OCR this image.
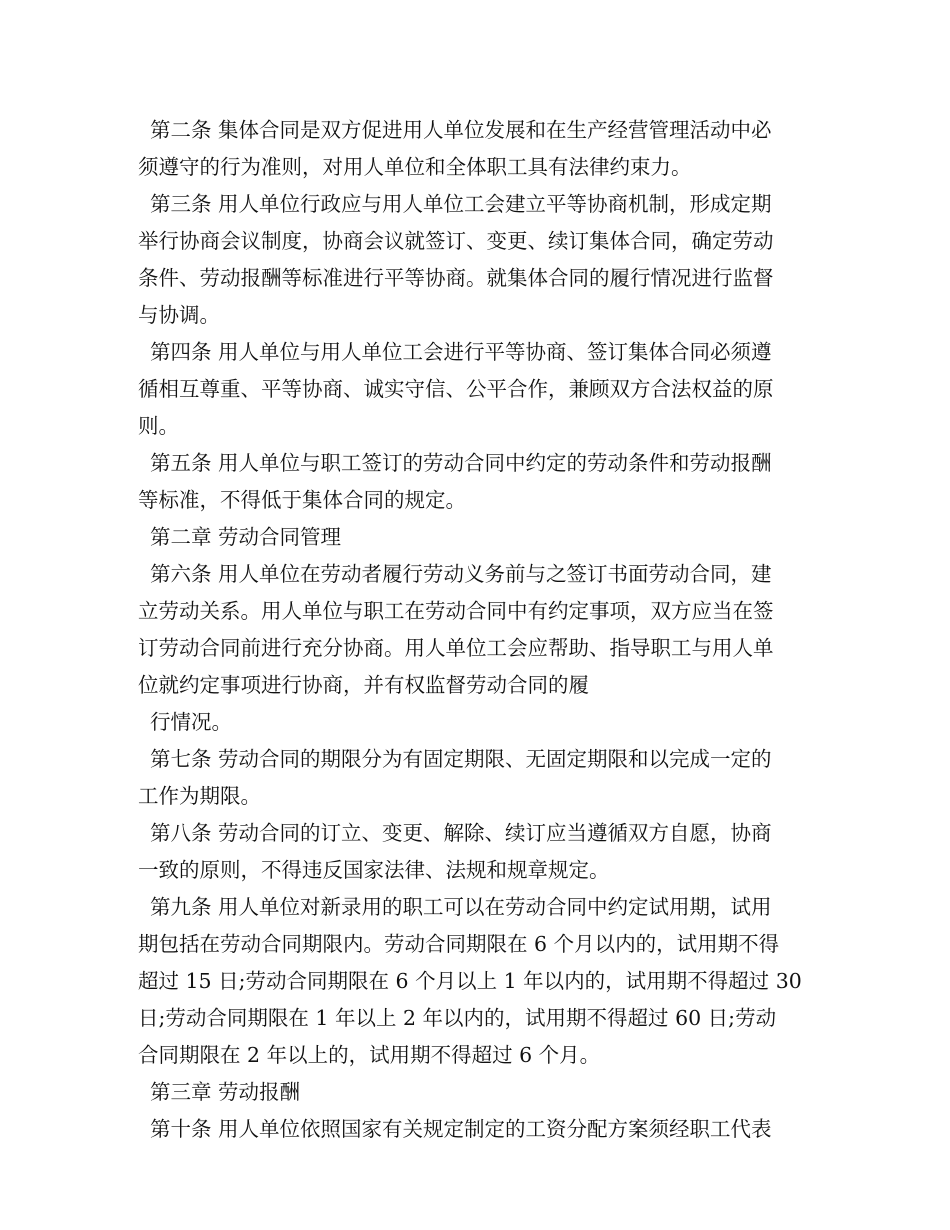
第二条 集体合同是双方促进用人单位发展和在生产经营管理活动中必
须遵守的行为准则，对用人单位和全体职工具有法律约束力。
第三条 用人单位行政应与用人单位工会建立平等协商机制，形成定期
举行协商会议制度，协商会议就签订、变更、续订集体合同，确定劳动
条件、劳动报酬等标准进行平等协商。就集体合同的履行情况进行监督
与协调。
第四条 用人单位与用人单位工会进行平等协商、签订集体合同必须遵
循相互尊重、平等协商、诚实守信、公平合作，兼顾双方合法权益的原
则。
第五条 用人单位与职工签订的劳动合同中约定的劳动条件和劳动报酬
等标准，不得低于集体合同的规定。
第二章 劳动合同管理
第六条 用人单位在劳动者履行劳动义务前与之签订书面劳动合同，建
立劳动关系。用人单位与职工在劳动合同中有约定事项，双方应当在签
订劳动合同前进行充分协商。用人单位工会应帮助、指导职工与用人单
位就约定事项进行协商，并有权监督劳动合同的履
行情况。
第七条 劳动合同的期限分为有固定期限、无固定期限和以完成一定的
工作为期限。
第八条 劳动合同的订立、变更、解除、续订应当遵循双方自愿，协商
一致的原则，不得违反国家法律、法规和规章规定。
第九条 用人单位对新录用的职工可以在劳动合同中约定试用期，试用
期包括在劳动合同期限内。劳动合同期限在 6 个月以内的，试用期不得
超过 15 日;劳动合同期限在 6 个月以上 1 年以内的，试用期不得超过 30
日;劳动合同期限在 1 年以上 2 年以内的，试用期不得超过 60 日;劳动
合同期限在 2 年以上的，试用期不得超过 6 个月。
第三章 劳动报酬
第十条 用人单位依照国家有关规定制定的工资分配方案须经职工代表
